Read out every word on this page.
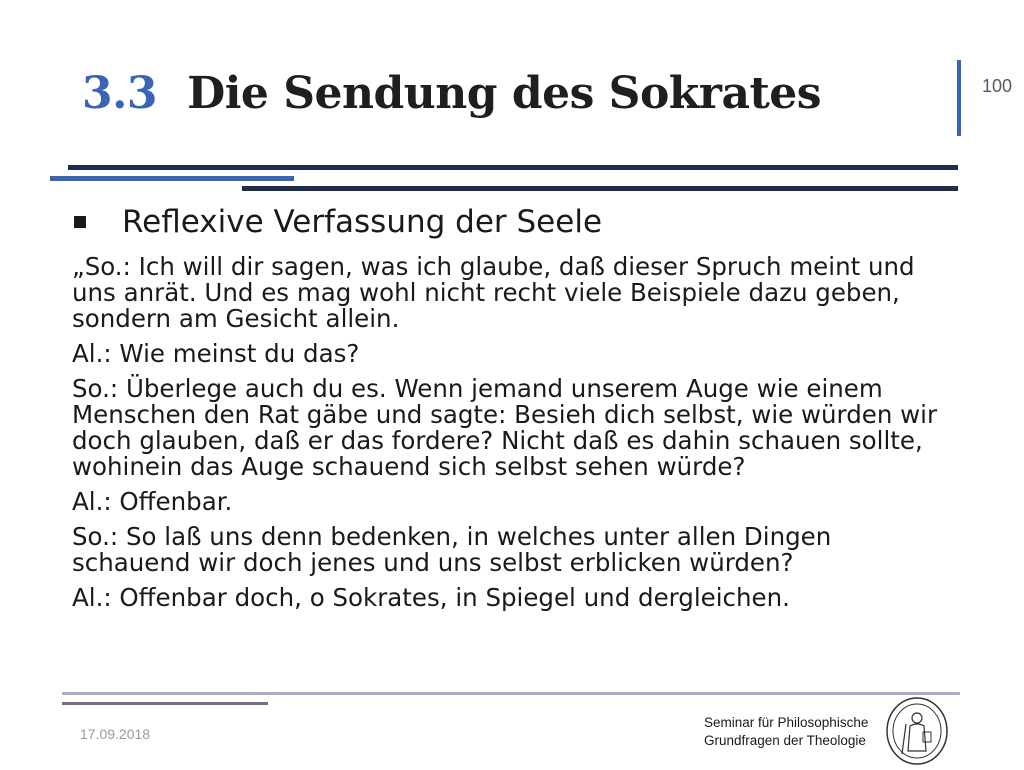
3.3 Die Sendung des Sokrates	100
Reflexive Verfassung der Seele

„So.: Ich will dir sagen, was ich glaube, daß dieser Spruch meint und uns anrät. Und es mag wohl nicht recht viele Beispiele dazu geben, sondern am Gesicht allein.

Al.: Wie meinst du das?

So.: Überlege auch du es. Wenn jemand unserem Auge wie einem Menschen den Rat gäbe und sagte: Besieh dich selbst, wie würden wir doch glauben, daß er das fordere? Nicht daß es dahin schauen sollte, wohinein das Auge schauend sich selbst sehen würde?

Al.: Offenbar.

So.: So laß uns denn bedenken, in welches unter allen Dingen schauend wir doch jenes und uns selbst erblicken würden?

Al.: Offenbar doch, o Sokrates, in Spiegel und dergleichen.

17.09.2018
Seminar für Philosophische
Grundfragen der Theologie
